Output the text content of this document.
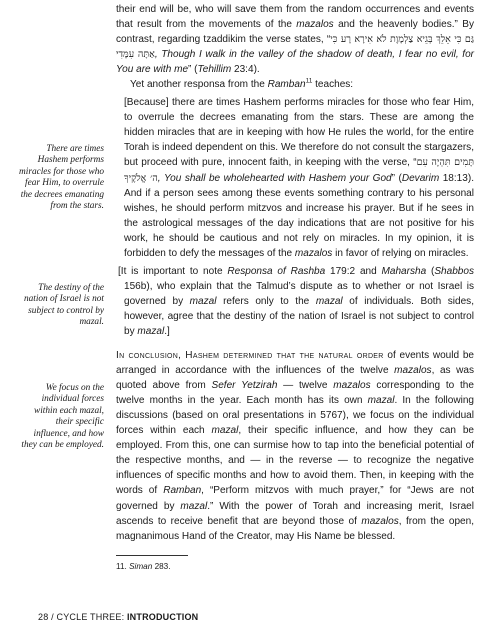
their end will be, who will save them from the random occurrences and events that result from the movements of the mazalos and the heavenly bodies.” By contrast, regarding tzaddikim the verse states, “גַּם כִּי אֵלֵךְ בְּגֵיא צַלְמָוֶת לֹא אִירָא רָע כִּי אַתָּה עִמָּדִי, Though I walk in the valley of the shadow of death, I fear no evil, for You are with me” (Tehillim 23:4).

Yet another responsa from the Ramban$^{11}$ teaches:

[Because] there are times Hashem performs miracles for those who fear Him, to overrule the decrees emanating from the stars. These are among the hidden miracles that are in keeping with how He rules the world, for the entire Torah is indeed dependent on this. We therefore do not consult the stargazers, but proceed with pure, innocent faith, in keeping with the verse, “תָּמִים תִּהְיֶה עִם ה׳ אֱלֹקֶיךָ, You shall be wholehearted with Hashem your God” (Devarim 18:13). And if a person sees among these events something contrary to his personal wishes, he should perform mitzvos and increase his prayer. But if he sees in the astrological messages of the day indications that are not positive for his work, he should be cautious and not rely on miracles. In my opinion, it is forbidden to defy the messages of the mazalos in favor of relying on miracles.

[It is important to note Responsa of Rashba 179:2 and Maharsha (Shabbos 156b), who explain that the Talmud’s dispute as to whether or not Israel is governed by mazal refers only to the mazal of individuals. Both sides, however, agree that the destiny of the nation of Israel is not subject to control by mazal.]

In conclusion, Hashem determined that the natural order of events would be arranged in accordance with the influences of the twelve mazalos, as was quoted above from Sefer Yetzirah — twelve mazalos corresponding to the twelve months in the year. Each month has its own mazal. In the following discussions (based on oral presentations in 5767), we focus on the individual forces within each mazal, their specific influence, and how they can be employed. From this, one can surmise how to tap into the beneficial potential of the respective months, and — in the reverse — to recognize the negative influences of specific months and how to avoid them. Then, in keeping with the words of Ramban, “Perform mitzvos with much prayer,” for “Jews are not governed by mazal.” With the power of Torah and increasing merit, Israel ascends to receive benefit that are beyond those of mazalos, from the open, magnanimous Hand of the Creator, may His Name be blessed.

There are times Hashem performs miracles for those who fear Him, to overrule the decrees emanating from the stars.
The destiny of the nation of Israel is not subject to control by mazal.
We focus on the individual forces within each mazal, their specific influence, and how they can be employed.
11. Siman 283.
28 / CYCLE THREE: INTRODUCTION
